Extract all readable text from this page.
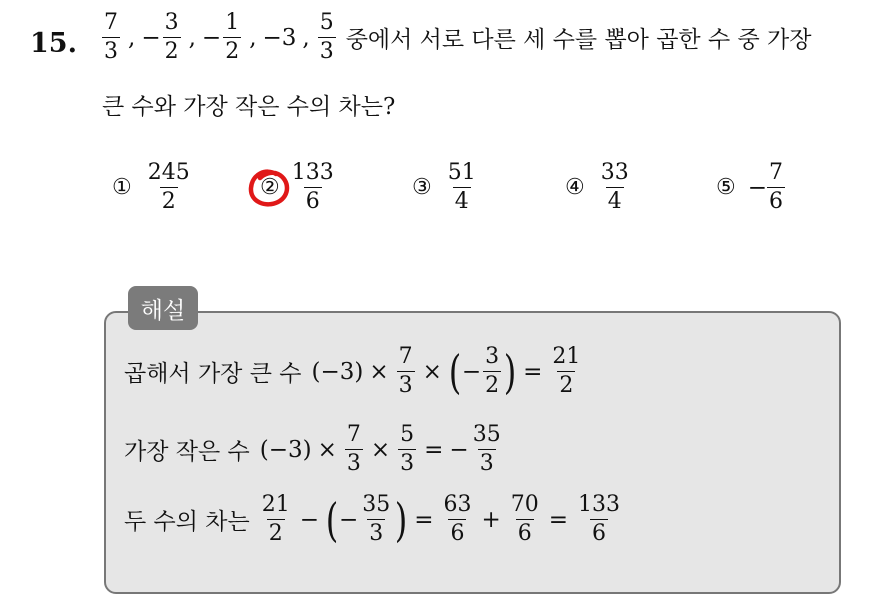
15. $\frac{7}{3}$ , − $\frac{3}{2}$ , − $\frac{1}{2}$ , −3 , $\frac{5}{3}$ 중에서 서로 다른 세 수를 뽑아 곱한 수 중 가장
큰 수와 가장 작은 수의 차는?
① $\frac{245}{2}$	② $\frac{133}{6}$	③ $\frac{51}{4}$	④ $\frac{33}{4}$	⑤ − $\frac{7}{6}$
해설
곱해서 가장 큰 수 $(-3) \times \frac{7}{3}$ × ( − $\frac{3}{2}$ ) = $\frac{21}{2}$
가장 작은 수 $(-3) \times \frac{7}{3} \times \frac{5}{3}$ = − $\frac{35}{3}$
두 수의 차는 $\frac{21}{2}$ − ( − $\frac{35}{3}$ ) = $\frac{63}{6} + \frac{70}{6} = \frac{133}{6}$
